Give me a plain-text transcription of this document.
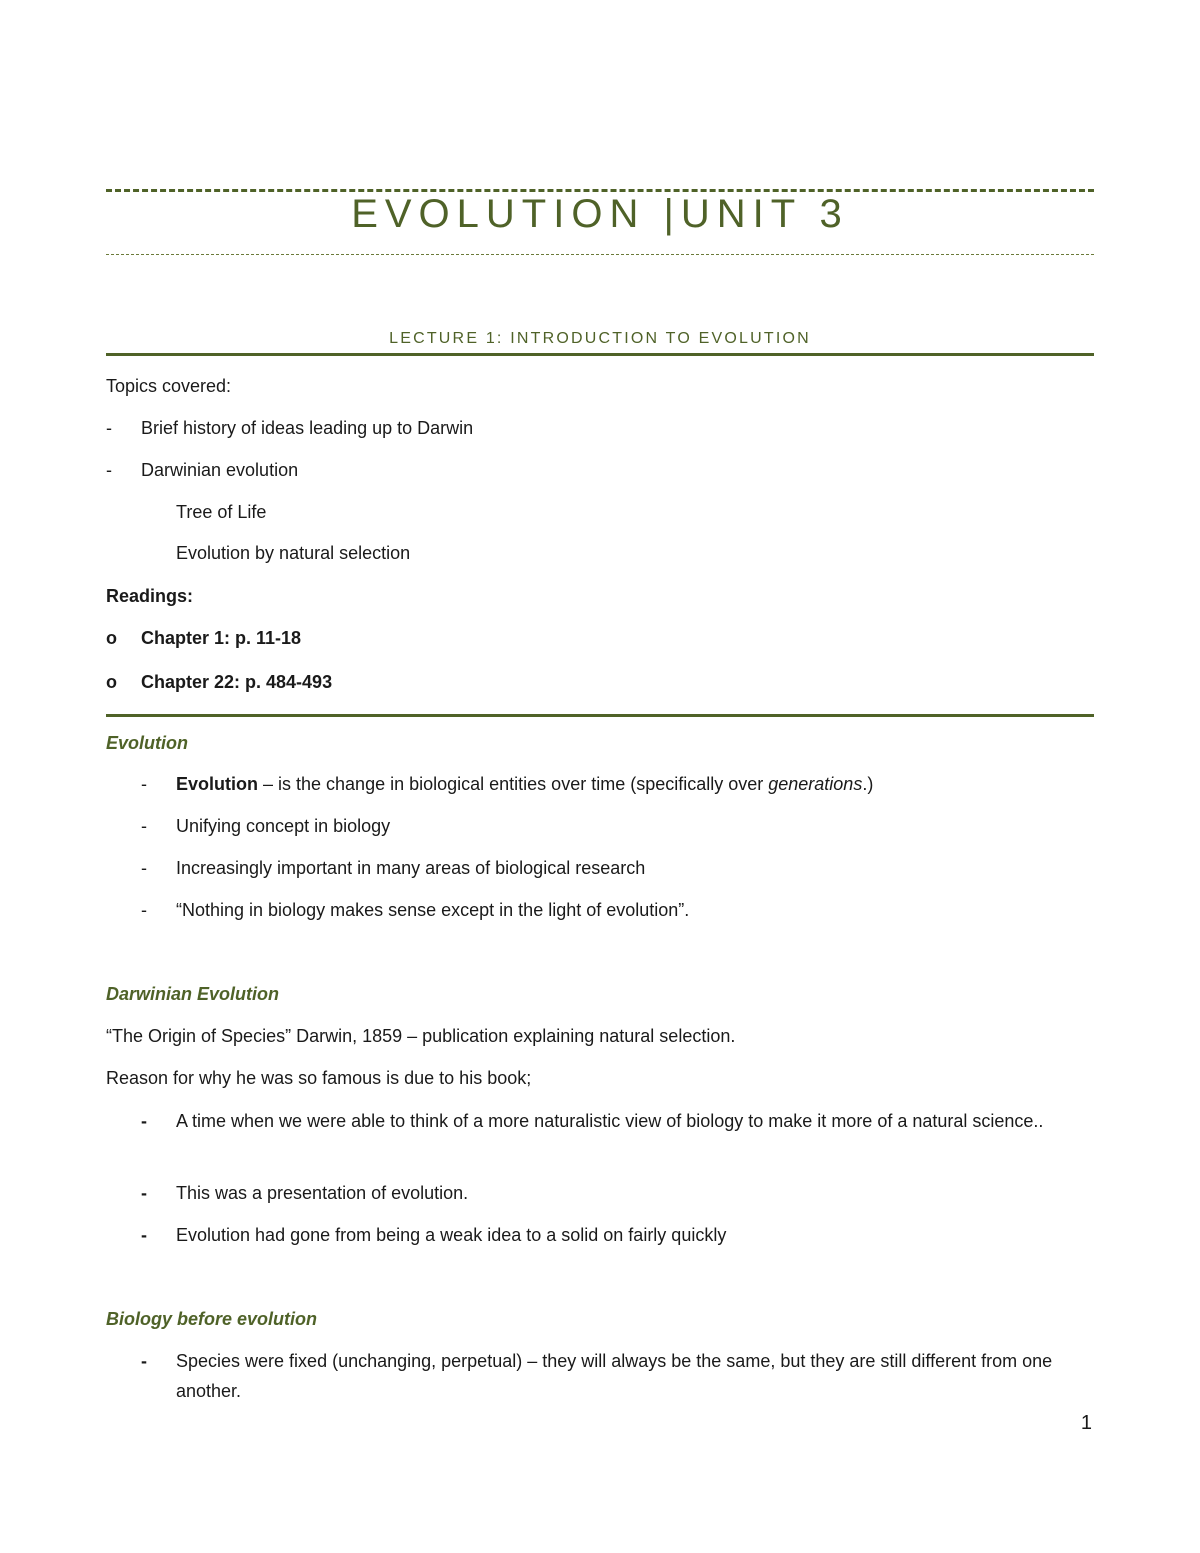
EVOLUTION |UNIT 3
LECTURE 1: INTRODUCTION TO EVOLUTION
Topics covered:
- Brief history of ideas leading up to Darwin
- Darwinian evolution
Tree of Life
Evolution by natural selection
Readings:
o Chapter 1: p. 11-18
o Chapter 22: p. 484-493
Evolution
- Evolution – is the change in biological entities over time (specifically over generations.)
- Unifying concept in biology
- Increasingly important in many areas of biological research
- “Nothing in biology makes sense except in the light of evolution”.
Darwinian Evolution
“The Origin of Species” Darwin, 1859 – publication explaining natural selection.
Reason for why he was so famous is due to his book;
- A time when we were able to think of a more naturalistic view of biology to make it more of a natural science..
- This was a presentation of evolution.
- Evolution had gone from being a weak idea to a solid on fairly quickly
Biology before evolution
- Species were fixed (unchanging, perpetual) – they will always be the same, but they are still different from one another.
1
